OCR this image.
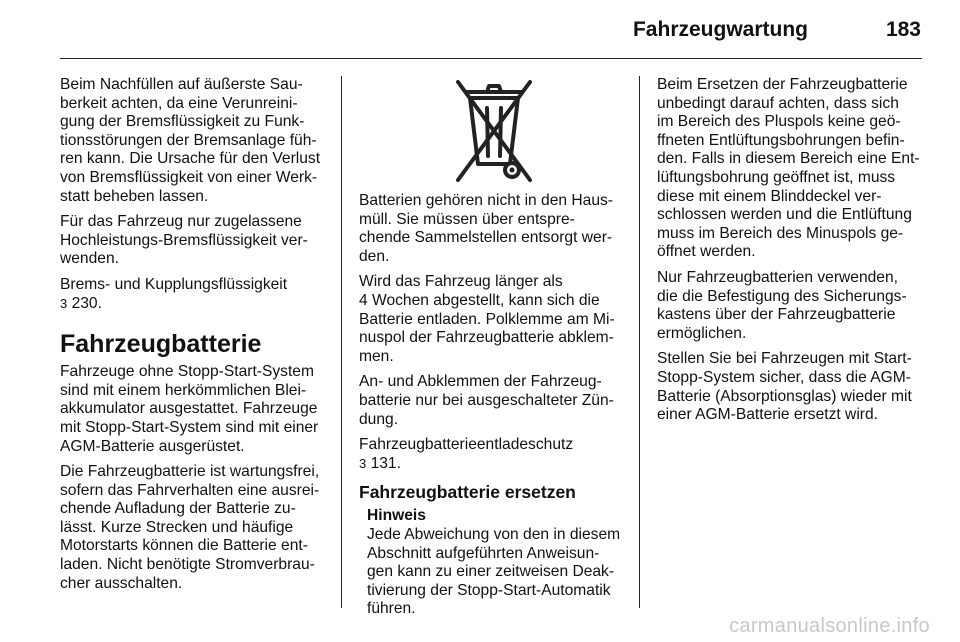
Fahrzeugwartung	183

Beim Nachfüllen auf äußerste Sau-
berkeit achten, da eine Verunreini-
gung der Bremsflüssigkeit zu Funk-
tionsstörungen der Bremsanlage füh-
ren kann. Die Ursache für den Verlust
von Bremsflüssigkeit von einer Werk-
statt beheben lassen.

Für das Fahrzeug nur zugelassene
Hochleistungs-Bremsflüssigkeit ver-
wenden.

Brems- und Kupplungsflüssigkeit
3 230.

Fahrzeugbatterie

Fahrzeuge ohne Stopp-Start-System
sind mit einem herkömmlichen Blei-
akkumulator ausgestattet. Fahrzeuge
mit Stopp-Start-System sind mit einer
AGM-Batterie ausgerüstet.

Die Fahrzeugbatterie ist wartungsfrei,
sofern das Fahrverhalten eine ausrei-
chende Aufladung der Batterie zu-
lässt. Kurze Strecken und häufige
Motorstarts können die Batterie ent-
laden. Nicht benötigte Stromverbrau-
cher ausschalten.

Batterien gehören nicht in den Haus-
müll. Sie müssen über entspre-
chende Sammelstellen entsorgt wer-
den.

Wird das Fahrzeug länger als
4 Wochen abgestellt, kann sich die
Batterie entladen. Polklemme am Mi-
nuspol der Fahrzeugbatterie abklem-
men.

An- und Abklemmen der Fahrzeug-
batterie nur bei ausgeschalteter Zün-
dung.

Fahrzeugbatterieentladeschutz
3 131.

Fahrzeugbatterie ersetzen
Hinweis

Jede Abweichung von den in diesem
Abschnitt aufgeführten Anweisun-
gen kann zu einer zeitweisen Deak-
tivierung der Stopp-Start-Automatik
führen.

Beim Ersetzen der Fahrzeugbatterie
unbedingt darauf achten, dass sich
im Bereich des Pluspols keine geö-
ffneten Entlüftungsbohrungen befin-
den. Falls in diesem Bereich eine Ent-
lüftungsbohrung geöffnet ist, muss
diese mit einem Blinddeckel ver-
schlossen werden und die Entlüftung
muss im Bereich des Minuspols ge-
öffnet werden.

Nur Fahrzeugbatterien verwenden,
die die Befestigung des Sicherungs-
kastens über der Fahrzeugbatterie
ermöglichen.

Stellen Sie bei Fahrzeugen mit Start-
Stopp-System sicher, dass die AGM-
Batterie (Absorptionsglas) wieder mit
einer AGM-Batterie ersetzt wird.

carmanualsonline.info
